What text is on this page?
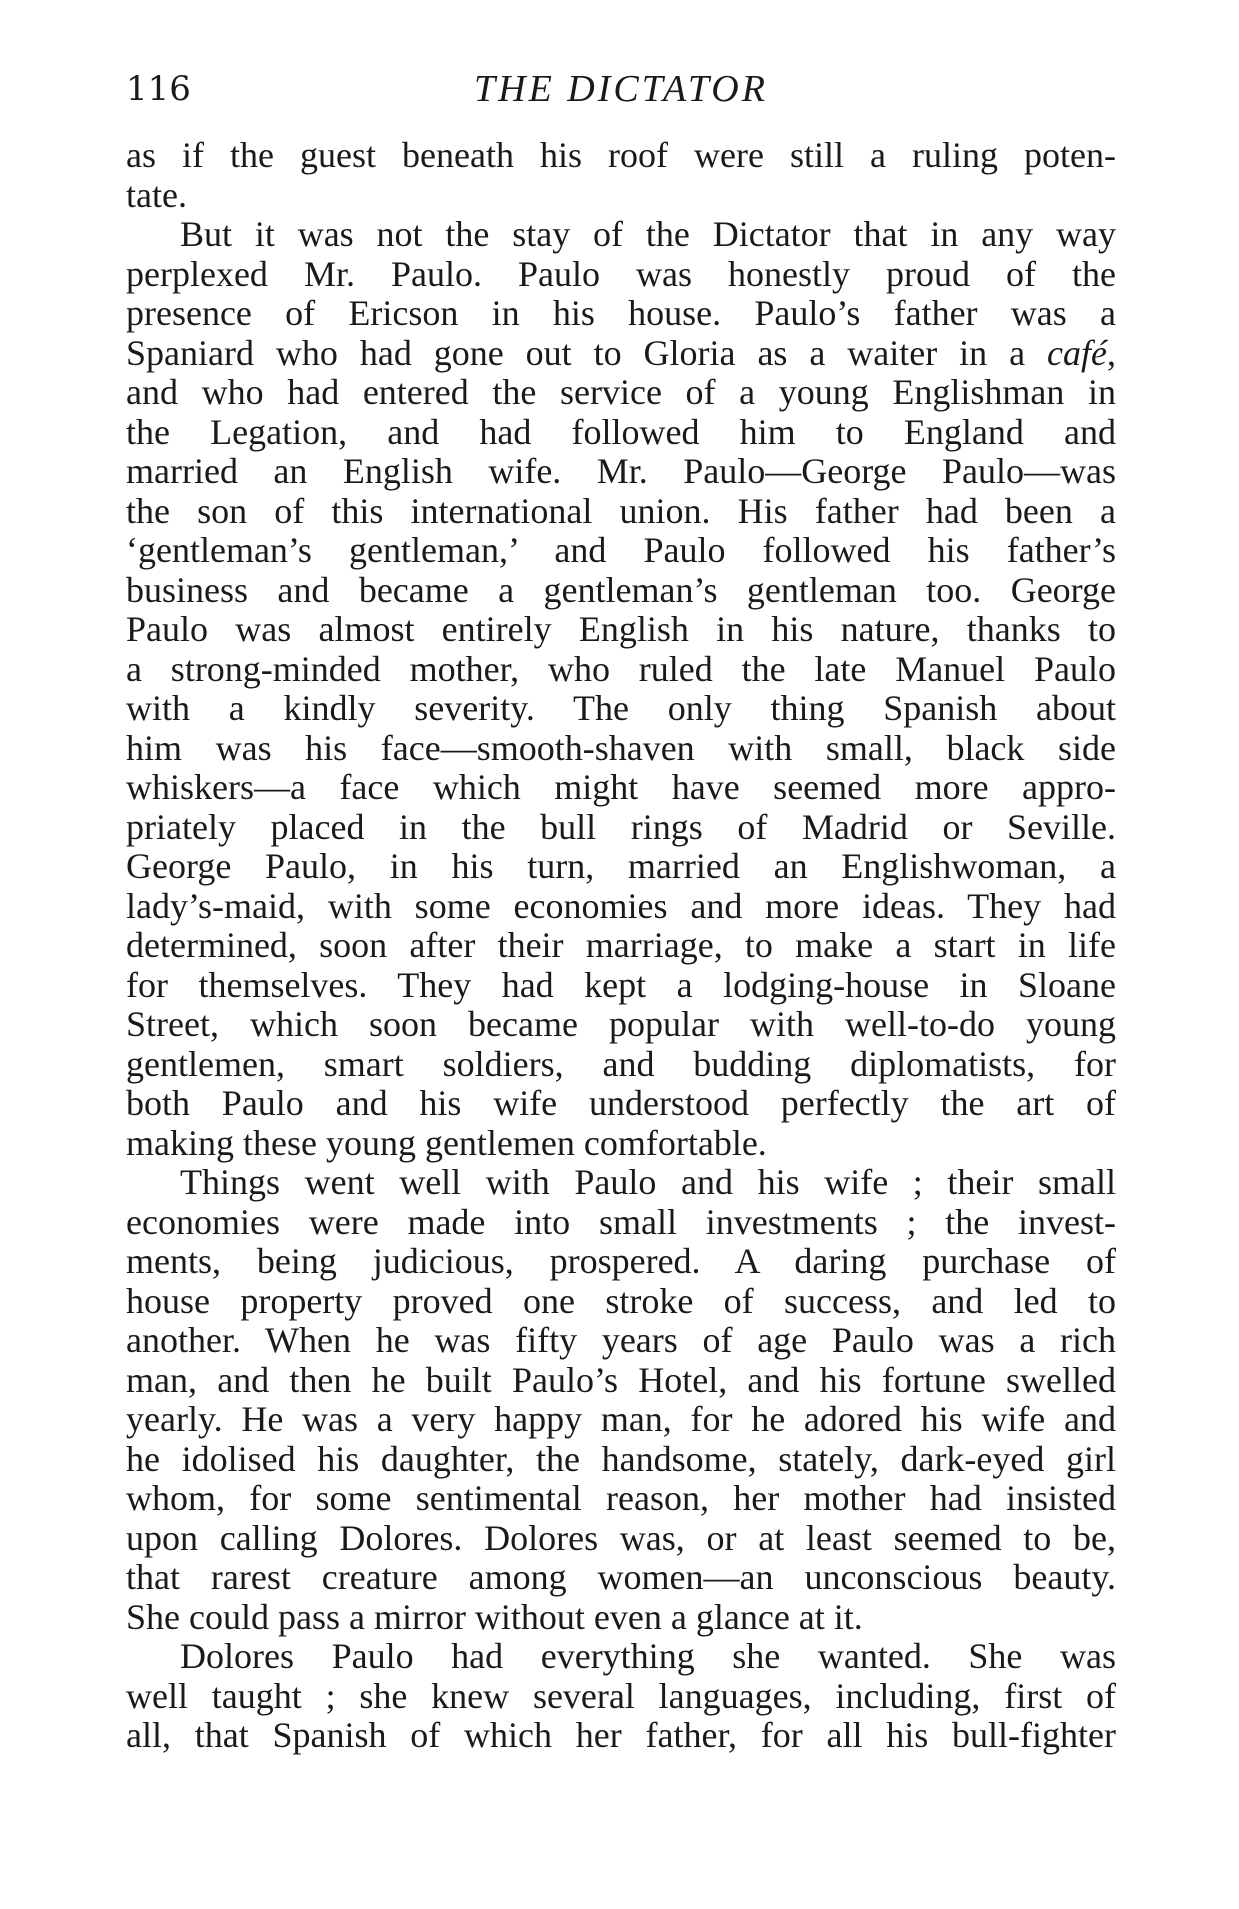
116	THE DICTATOR
as if the guest beneath his roof were still a ruling poten-
tate.
But it was not the stay of the Dictator that in any way
perplexed Mr. Paulo. Paulo was honestly proud of the
presence of Ericson in his house. Paulo’s father was a
Spaniard who had gone out to Gloria as a waiter in a café,
and who had entered the service of a young Englishman in
the Legation, and had followed him to England and
married an English wife. Mr. Paulo—George Paulo—was
the son of this international union. His father had been a
‘gentleman’s gentleman,’ and Paulo followed his father’s
business and became a gentleman’s gentleman too. George
Paulo was almost entirely English in his nature, thanks to
a strong-minded mother, who ruled the late Manuel Paulo
with a kindly severity. The only thing Spanish about
him was his face—smooth-shaven with small, black side
whiskers—a face which might have seemed more appro-
priately placed in the bull rings of Madrid or Seville.
George Paulo, in his turn, married an Englishwoman, a
lady’s-maid, with some economies and more ideas. They had
determined, soon after their marriage, to make a start in life
for themselves. They had kept a lodging-house in Sloane
Street, which soon became popular with well-to-do young
gentlemen, smart soldiers, and budding diplomatists, for
both Paulo and his wife understood perfectly the art of
making these young gentlemen comfortable.
Things went well with Paulo and his wife ; their small
economies were made into small investments ; the invest-
ments, being judicious, prospered. A daring purchase of
house property proved one stroke of success, and led to
another. When he was fifty years of age Paulo was a rich
man, and then he built Paulo’s Hotel, and his fortune swelled
yearly. He was a very happy man, for he adored his wife and
he idolised his daughter, the handsome, stately, dark-eyed girl
whom, for some sentimental reason, her mother had insisted
upon calling Dolores. Dolores was, or at least seemed to be,
that rarest creature among women—an unconscious beauty.
She could pass a mirror without even a glance at it.
Dolores Paulo had everything she wanted. She was
well taught ; she knew several languages, including, first of
all, that Spanish of which her father, for all his bull-fighter
